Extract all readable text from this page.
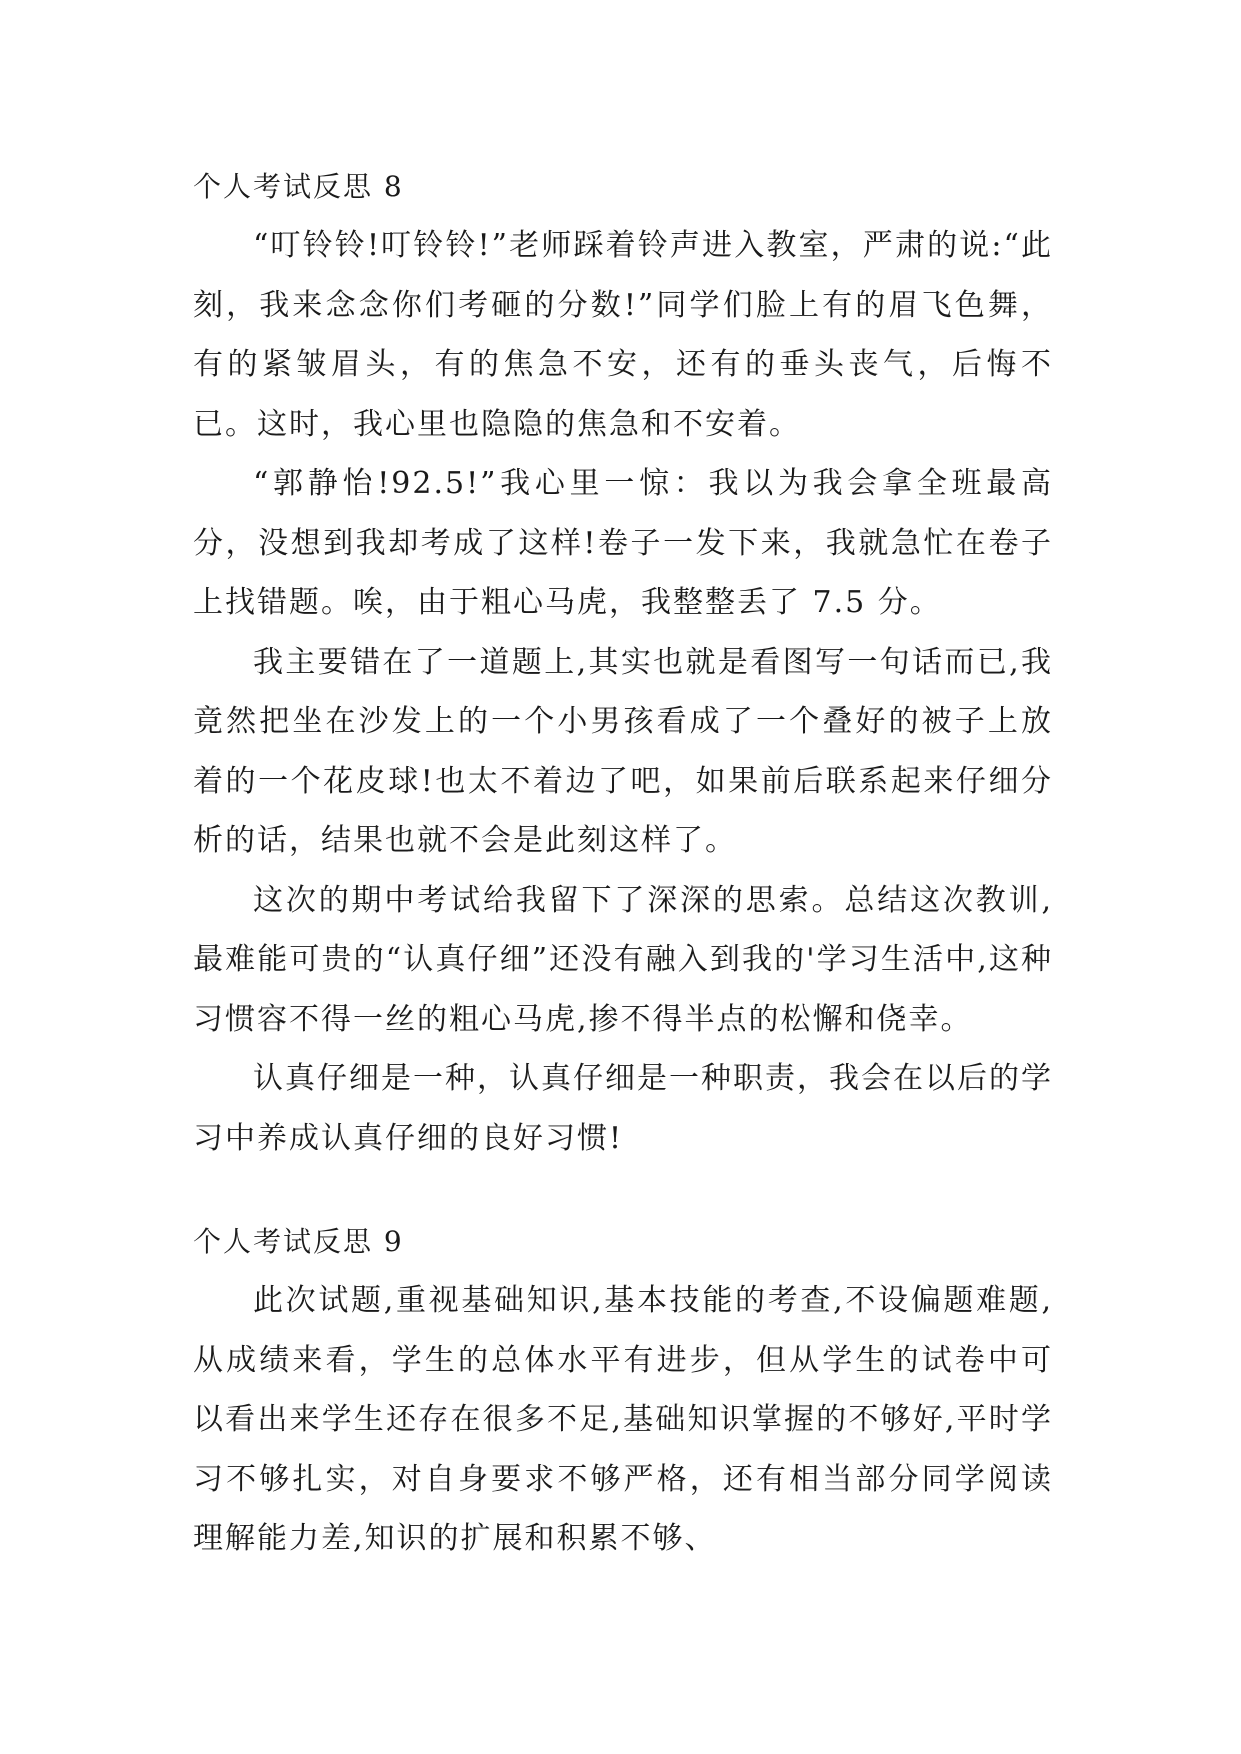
个人考试反思 8

“叮铃铃!叮铃铃!”老师踩着铃声进入教室，严肃的说:“此刻，我来念念你们考砸的分数!”同学们脸上有的眉飞色舞，有的紧皱眉头，有的焦急不安，还有的垂头丧气，后悔不已。这时，我心里也隐隐的焦急和不安着。

“郭静怡!92.5!”我心里一惊：我以为我会拿全班最高分，没想到我却考成了这样!卷子一发下来，我就急忙在卷子上找错题。唉，由于粗心马虎，我整整丢了 7.5 分。

我主要错在了一道题上,其实也就是看图写一句话而已,我竟然把坐在沙发上的一个小男孩看成了一个叠好的被子上放着的一个花皮球!也太不着边了吧，如果前后联系起来仔细分析的话，结果也就不会是此刻这样了。

这次的期中考试给我留下了深深的思索。总结这次教训,最难能可贵的“认真仔细”还没有融入到我的'学习生活中,这种习惯容不得一丝的粗心马虎,掺不得半点的松懈和侥幸。

认真仔细是一种，认真仔细是一种职责，我会在以后的学习中养成认真仔细的良好习惯!

个人考试反思 9

此次试题,重视基础知识,基本技能的考查,不设偏题难题,从成绩来看，学生的总体水平有进步，但从学生的试卷中可以看出来学生还存在很多不足,基础知识掌握的不够好,平时学习不够扎实，对自身要求不够严格，还有相当部分同学阅读理解能力差,知识的扩展和积累不够、
